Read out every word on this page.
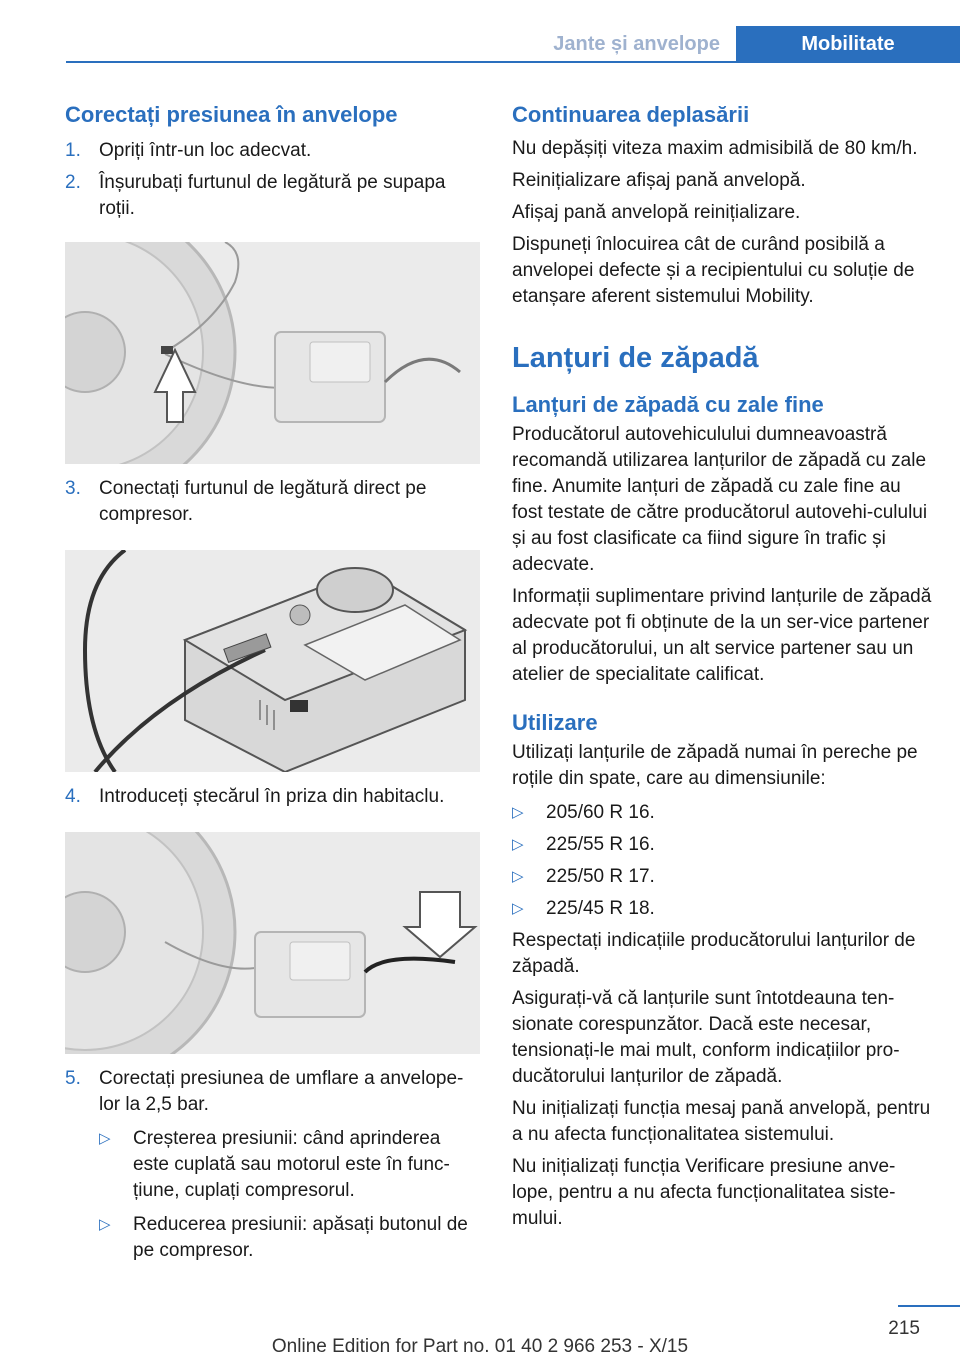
Jante și anvelope	Mobilitate
Corectați presiunea în anvelope
1. Opriți într-un loc adecvat.
2. Înșurubați furtunul de legătură pe supapa roții.
3. Conectați furtunul de legătură direct pe compresor.
4. Introduceți ștecărul în priza din habitaclu.
5. Corectați presiunea de umflare a anvelope-lor la 2,5 bar.
▷	Creșterea presiunii: când aprinderea este cuplată sau motorul este în func-țiune, cuplați compresorul.
▷	Reducerea presiunii: apăsați butonul de pe compresor.
Continuarea deplasării

Nu depășiți viteza maxim admisibilă de 80 km/h.

Reinițializare afișaj pană anvelopă.

Afișaj pană anvelopă reinițializare.

Dispuneți înlocuirea cât de curând posibilă a anvelopei defecte și a recipientului cu soluție de etanșare aferent sistemului Mobility.

Lanțuri de zăpadă
Lanțuri de zăpadă cu zale fine

Producătorul autovehiculului dumneavoastră recomandă utilizarea lanțurilor de zăpadă cu zale fine. Anumite lanțuri de zăpadă cu zale fine au fost testate de către producătorul autovehi-culului și au fost clasificate ca fiind sigure în trafic și adecvate.

Informații suplimentare privind lanțurile de zăpadă adecvate pot fi obținute de la un ser-vice partener al producătorului, un alt service partener sau un atelier de specialitate calificat.

Utilizare

Utilizați lanțurile de zăpadă numai în pereche pe roțile din spate, care au dimensiunile:

▷	205/60 R 16.
▷	225/55 R 16.
▷	225/50 R 17.
▷	225/45 R 18.

Respectați indicațiile producătorului lanțurilor de zăpadă.

Asigurați-vă că lanțurile sunt întotdeauna ten-sionate corespunzător. Dacă este necesar, tensionați-le mai mult, conform indicațiilor pro-ducătorului lanțurilor de zăpadă.

Nu inițializați funcția mesaj pană anvelopă, pentru a nu afecta funcționalitatea sistemului.

Nu inițializați funcția Verificare presiune anve-lope, pentru a nu afecta funcționalitatea siste-mului.

215
Online Edition for Part no. 01 40 2 966 253 - X/15
